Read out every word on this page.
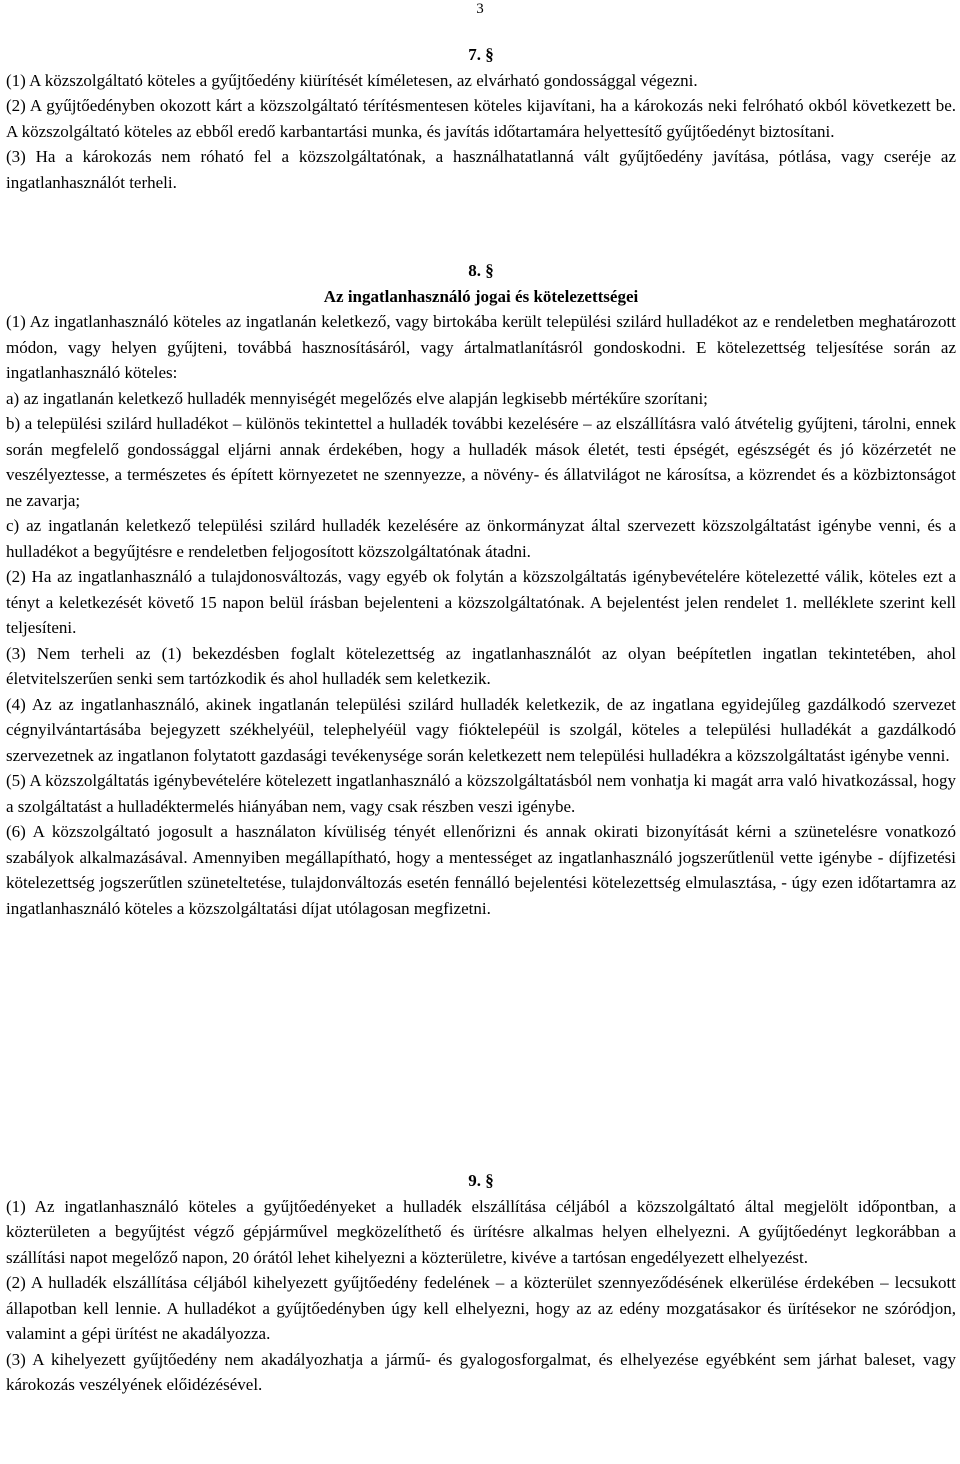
3

7. §

(1) A közszolgáltató köteles a gyűjtőedény kiürítését kíméletesen, az elvárható gondossággal végezni.

(2) A gyűjtőedényben okozott kárt a közszolgáltató térítésmentesen köteles kijavítani, ha a károkozás neki felróható okból következett be. A közszolgáltató köteles az ebből eredő karbantartási munka, és javítás időtartamára helyettesítő gyűjtőedényt biztosítani.

(3) Ha a károkozás nem róható fel a közszolgáltatónak, a használhatatlanná vált gyűjtőedény javítása, pótlása, vagy cseréje az ingatlanhasználót terheli.

8. §

Az ingatlanhasználó jogai és kötelezettségei

(1) Az ingatlanhasználó köteles az ingatlanán keletkező, vagy birtokába került települési szilárd hulladékot az e rendeletben meghatározott módon, vagy helyen gyűjteni, továbbá hasznosításáról, vagy ártalmatlanításról gondoskodni. E kötelezettség teljesítése során az ingatlanhasználó köteles:

a) az ingatlanán keletkező hulladék mennyiségét megelőzés elve alapján legkisebb mértékűre szorítani;

b) a települési szilárd hulladékot – különös tekintettel a hulladék további kezelésére – az elszállításra való átvételig gyűjteni, tárolni, ennek során megfelelő gondossággal eljárni annak érdekében, hogy a hulladék mások életét, testi épségét, egészségét és jó közérzetét ne veszélyeztesse, a természetes és épített környezetet ne szennyezze, a növény- és állatvilágot ne károsítsa, a közrendet és a közbiztonságot ne zavarja;

c) az ingatlanán keletkező települési szilárd hulladék kezelésére az önkormányzat által szervezett közszolgáltatást igénybe venni, és a hulladékot a begyűjtésre e rendeletben feljogosított közszolgáltatónak átadni.

(2) Ha az ingatlanhasználó a tulajdonosváltozás, vagy egyéb ok folytán a közszolgáltatás igénybevételére kötelezetté válik, köteles ezt a tényt a keletkezését követő 15 napon belül írásban bejelenteni a közszolgáltatónak. A bejelentést jelen rendelet 1. melléklete szerint kell teljesíteni.

(3) Nem terheli az (1) bekezdésben foglalt kötelezettség az ingatlanhasználót az olyan beépítetlen ingatlan tekintetében, ahol életvitelszerűen senki sem tartózkodik és ahol hulladék sem keletkezik.

(4) Az az ingatlanhasználó, akinek ingatlanán települési szilárd hulladék keletkezik, de az ingatlana egyidejűleg gazdálkodó szervezet cégnyilvántartásába bejegyzett székhelyéül, telephelyéül vagy fióktelepéül is szolgál, köteles a települési hulladékát a gazdálkodó szervezetnek az ingatlanon folytatott gazdasági tevékenysége során keletkezett nem települési hulladékra a közszolgáltatást igénybe venni.

(5) A közszolgáltatás igénybevételére kötelezett ingatlanhasználó a közszolgáltatásból nem vonhatja ki magát arra való hivatkozással, hogy a szolgáltatást a hulladéktermelés hiányában nem, vagy csak részben veszi igénybe.

(6) A közszolgáltató jogosult a használaton kívüliség tényét ellenőrizni és annak okirati bizonyítását kérni a szünetelésre vonatkozó szabályok alkalmazásával. Amennyiben megállapítható, hogy a mentességet az ingatlanhasználó jogszerűtlenül vette igénybe - díjfizetési kötelezettség jogszerűtlen szüneteltetése, tulajdonváltozás esetén fennálló bejelentési kötelezettség elmulasztása, - úgy ezen időtartamra az ingatlanhasználó köteles a közszolgáltatási díjat utólagosan megfizetni.

9. §

(1) Az ingatlanhasználó köteles a gyűjtőedényeket a hulladék elszállítása céljából a közszolgáltató által megjelölt időpontban, a közterületen a begyűjtést végző gépjárművel megközelíthető és ürítésre alkalmas helyen elhelyezni. A gyűjtőedényt legkorábban a szállítási napot megelőző napon, 20 órától lehet kihelyezni a közterületre, kivéve a tartósan engedélyezett elhelyezést.

(2) A hulladék elszállítása céljából kihelyezett gyűjtőedény fedelének – a közterület szennyeződésének elkerülése érdekében – lecsukott állapotban kell lennie. A hulladékot a gyűjtőedényben úgy kell elhelyezni, hogy az az edény mozgatásakor és ürítésekor ne szóródjon, valamint a gépi ürítést ne akadályozza.

(3) A kihelyezett gyűjtőedény nem akadályozhatja a jármű- és gyalogosforgalmat, és elhelyezése egyébként sem járhat baleset, vagy károkozás veszélyének előidézésével.
